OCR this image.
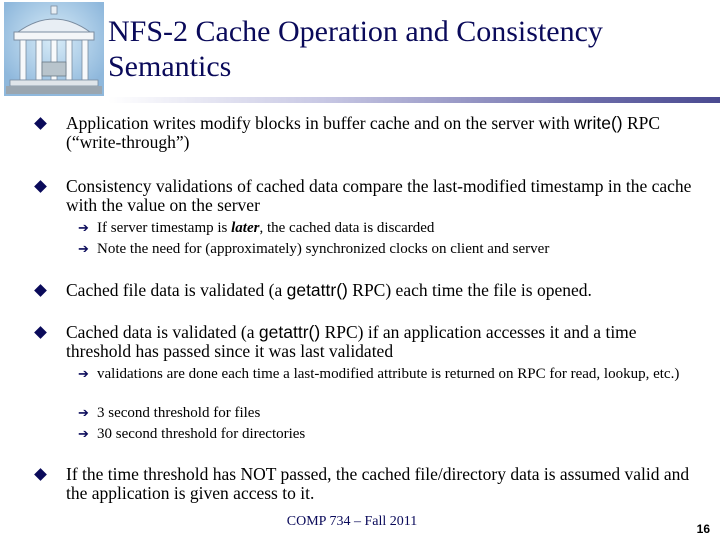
NFS-2 Cache Operation and Consistency Semantics
Application writes modify blocks in buffer cache and on the server with write() RPC (“write-through”)
Consistency validations of cached data compare the last-modified timestamp in the cache with the value on the server
➔ If server timestamp is later, the cached data is discarded
➔ Note the need for (approximately) synchronized clocks on client and server
Cached file data is validated (a getattr() RPC) each time the file is opened.
Cached data is validated (a getattr() RPC) if an application accesses it and a time threshold has passed since it was last validated
➔ validations are done each time a last-modified attribute is returned on RPC for read, lookup, etc.)
➔ 3 second threshold for files
➔ 30 second threshold for directories
If the time threshold has NOT passed, the cached file/directory data is assumed valid and the application is given access to it.
COMP 734 – Fall 2011	16
